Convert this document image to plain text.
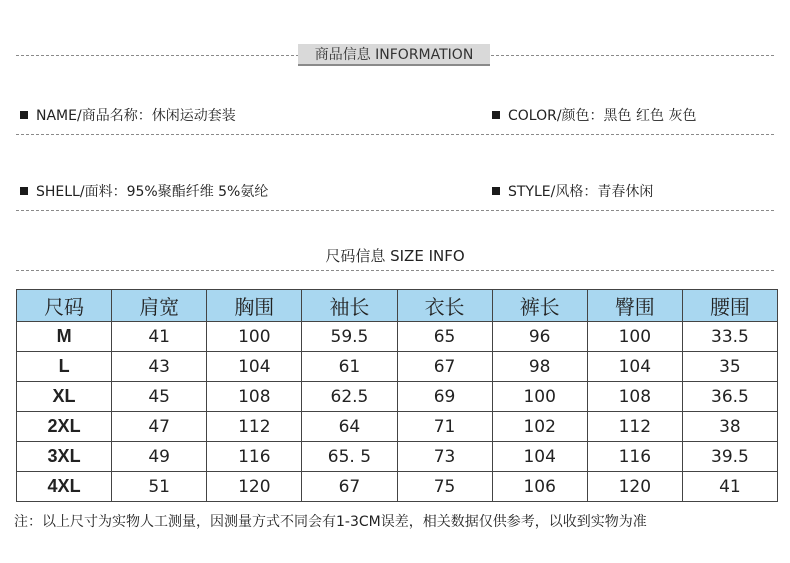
商品信息 INFORMATION
NAME/商品名称：休闲运动套装	COLOR/颜色：黑色 红色 灰色
SHELL/面料：95%聚酯纤维 5%氨纶	STYLE/风格：青春休闲
尺码信息 SIZE INFO
尺码	肩宽	胸围	袖长	衣长	裤长	臀围	腰围
M	41	100	59.5	65	96	100	33.5
L	43	104	61	67	98	104	35
XL	45	108	62.5	69	100	108	36.5
2XL	47	112	64	71	102	112	38
3XL	49	116	65. 5	73	104	116	39.5
4XL	51	120	67	75	106	120	41
注：以上尺寸为实物人工测量，因测量方式不同会有1-3CM误差，相关数据仅供参考，以收到实物为准
